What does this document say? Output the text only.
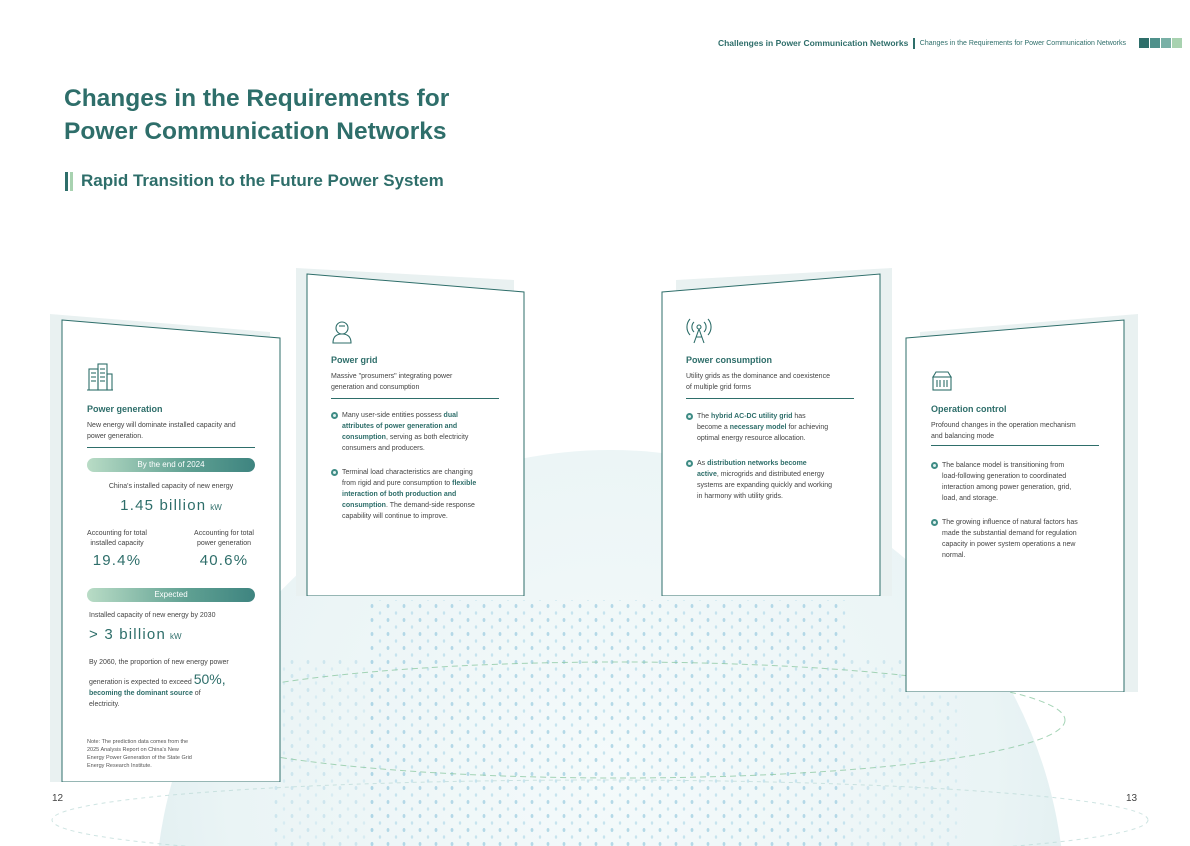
Challenges in Power Communication Networks Changes in the Requirements for Power Communication Networks
Changes in the Requirements for
Power Communication Networks
Rapid Transition to the Future Power System
Power generation
New energy will dominate installed capacity and
power generation.
By the end of 2024
China's installed capacity of new energy
1.45 billion kW
Accounting for total
installed capacity
19.4%
Accounting for total
power generation
40.6%
Expected
Installed capacity of new energy by 2030
> 3 billion kW
By 2060, the proportion of new energy power
generation is expected to exceed 50%,
becoming the dominant source of
electricity.
Note: The prediction data comes from the
2025 Analysis Report on China's New
Energy Power Generation of the State Grid
Energy Research Institute.
Power grid
Massive "prosumers" integrating power
generation and consumption
Many user-side entities possess dual
attributes of power generation and
consumption, serving as both electricity
consumers and producers.
Terminal load characteristics are changing
from rigid and pure consumption to flexible
interaction of both production and
consumption. The demand-side response
capability will continue to improve.
Power consumption
Utility grids as the dominance and coexistence
of multiple grid forms
The hybrid AC-DC utility grid has
become a necessary model for achieving
optimal energy resource allocation.
As distribution networks become
active, microgrids and distributed energy
systems are expanding quickly and working
in harmony with utility grids.
Operation control
Profound changes in the operation mechanism
and balancing mode
The balance model is transitioning from
load-following generation to coordinated
interaction among power generation, grid,
load, and storage.
The growing influence of natural factors has
made the substantial demand for regulation
capacity in power system operations a new
normal.
12	13
